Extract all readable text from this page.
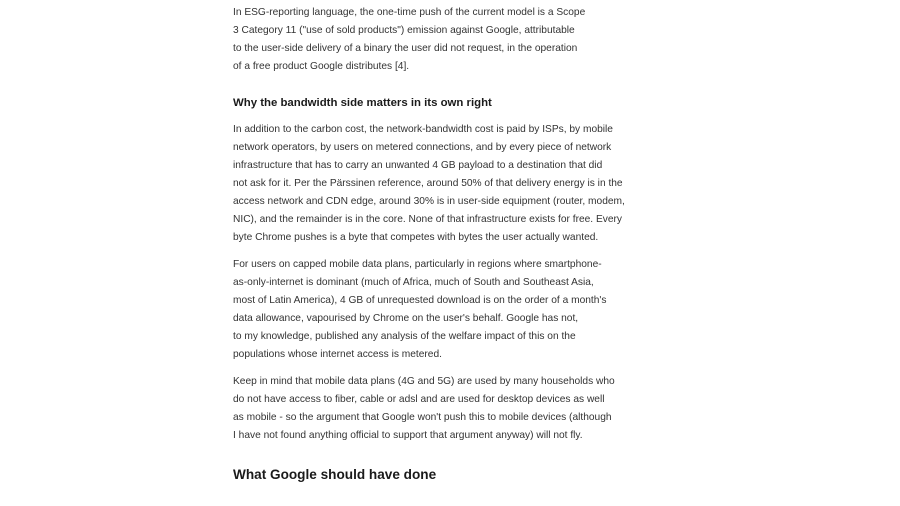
In ESG-reporting language, the one-time push of the current model is a Scope
3 Category 11 ("use of sold products") emission against Google, attributable
to the user-side delivery of a binary the user did not request, in the operation
of a free product Google distributes [4].

Why the bandwidth side matters in its own right

In addition to the carbon cost, the network-bandwidth cost is paid by ISPs, by mobile
network operators, by users on metered connections, and by every piece of network
infrastructure that has to carry an unwanted 4 GB payload to a destination that did
not ask for it. Per the Pärssinen reference, around 50% of that delivery energy is in the
access network and CDN edge, around 30% is in user-side equipment (router, modem,
NIC), and the remainder is in the core. None of that infrastructure exists for free. Every
byte Chrome pushes is a byte that competes with bytes the user actually wanted.

For users on capped mobile data plans, particularly in regions where smartphone-
as-only-internet is dominant (much of Africa, much of South and Southeast Asia,
most of Latin America), 4 GB of unrequested download is on the order of a month's
data allowance, vapourised by Chrome on the user's behalf. Google has not,
to my knowledge, published any analysis of the welfare impact of this on the
populations whose internet access is metered.

Keep in mind that mobile data plans (4G and 5G) are used by many households who
do not have access to fiber, cable or adsl and are used for desktop devices as well
as mobile - so the argument that Google won't push this to mobile devices (although
I have not found anything official to support that argument anyway) will not fly.

What Google should have done
